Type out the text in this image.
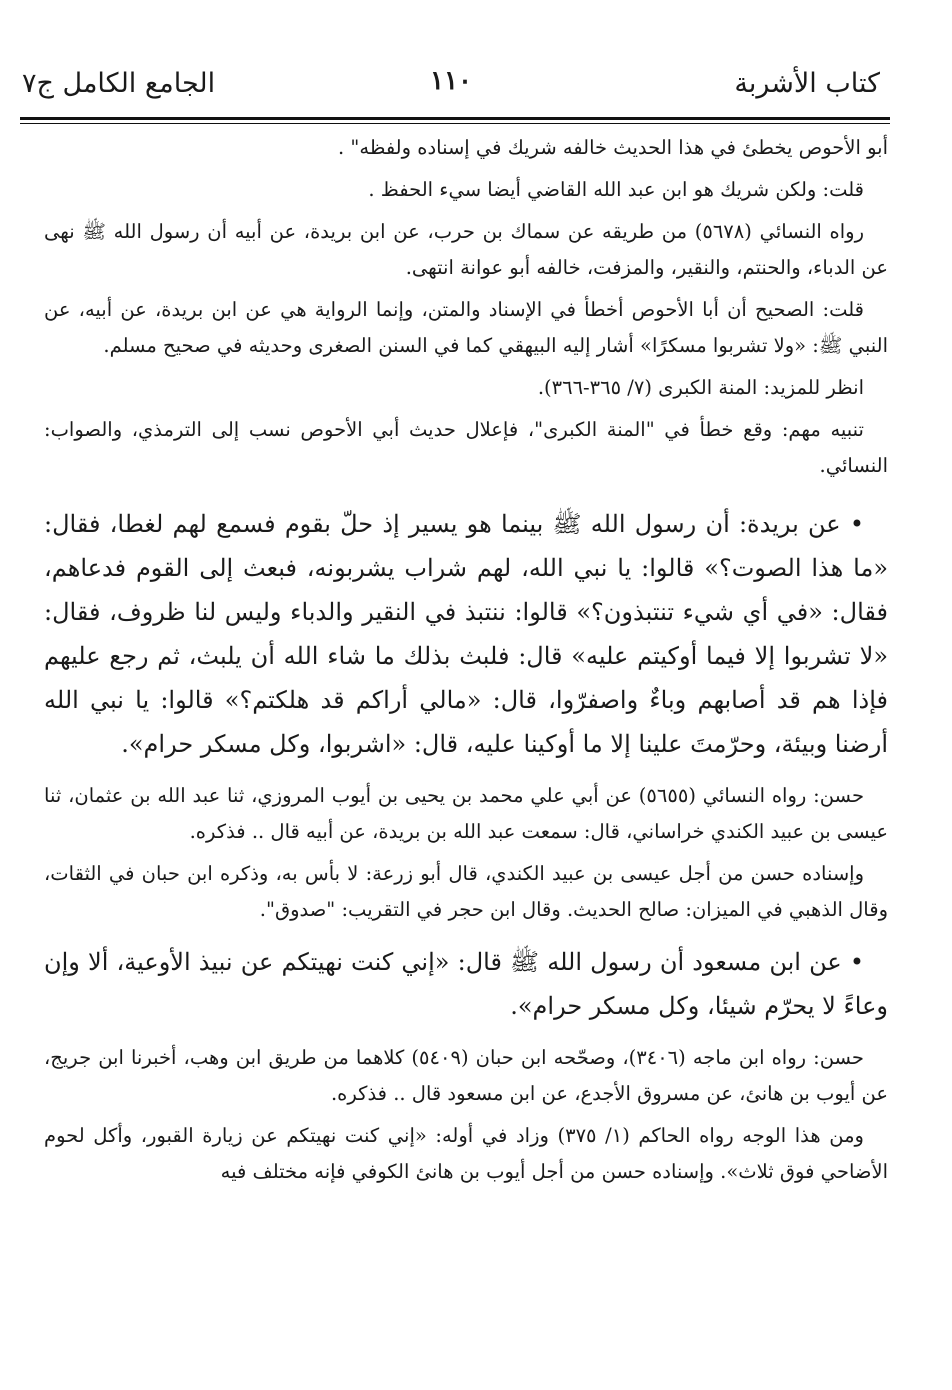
كتاب الأشربة
١١٠
الجامع الكامل ج٧

أبو الأحوص يخطئ في هذا الحديث خالفه شريك في إسناده ولفظه" .

قلت: ولكن شريك هو ابن عبد الله القاضي أيضا سيء الحفظ .

رواه النسائي (٥٦٧٨) من طريقه عن سماك بن حرب، عن ابن بريدة، عن أبيه أن رسول الله ﷺ نهى عن الدباء، والحنتم، والنقير، والمزفت، خالفه أبو عوانة انتهى.

قلت: الصحيح أن أبا الأحوص أخطأ في الإسناد والمتن، وإنما الرواية هي عن ابن بريدة، عن أبيه، عن النبي ﷺ: «ولا تشربوا مسكرًا» أشار إليه البيهقي كما في السنن الصغرى وحديثه في صحيح مسلم.

انظر للمزيد: المنة الكبرى (٧/ ٣٦٥-٣٦٦).

تنبيه مهم: وقع خطأ في "المنة الكبرى"، فإعلال حديث أبي الأحوص نسب إلى الترمذي، والصواب: النسائي.

• عن بريدة: أن رسول الله ﷺ بينما هو يسير إذ حلّ بقوم فسمع لهم لغطا، فقال: «ما هذا الصوت؟» قالوا: يا نبي الله، لهم شراب يشربونه، فبعث إلى القوم فدعاهم، فقال: «في أي شيء تنتبذون؟» قالوا: ننتبذ في النقير والدباء وليس لنا ظروف، فقال: «لا تشربوا إلا فيما أوكيتم عليه» قال: فلبث بذلك ما شاء الله أن يلبث، ثم رجع عليهم فإذا هم قد أصابهم وباءٌ واصفرّوا، قال: «مالي أراكم قد هلكتم؟» قالوا: يا نبي الله أرضنا وبيئة، وحرّمتَ علينا إلا ما أوكينا عليه، قال: «اشربوا، وكل مسكر حرام».

حسن: رواه النسائي (٥٦٥٥) عن أبي علي محمد بن يحيى بن أيوب المروزي، ثنا عبد الله بن عثمان، ثنا عيسى بن عبيد الكندي خراساني، قال: سمعت عبد الله بن بريدة، عن أبيه قال .. فذكره.

وإسناده حسن من أجل عيسى بن عبيد الكندي، قال أبو زرعة: لا بأس به، وذكره ابن حبان في الثقات، وقال الذهبي في الميزان: صالح الحديث. وقال ابن حجر في التقريب: "صدوق".

• عن ابن مسعود أن رسول الله ﷺ قال: «إني كنت نهيتكم عن نبيذ الأوعية، ألا وإن وعاءً لا يحرّم شيئا، وكل مسكر حرام».

حسن: رواه ابن ماجه (٣٤٠٦)، وصحّحه ابن حبان (٥٤٠٩) كلاهما من طريق ابن وهب، أخبرنا ابن جريج، عن أيوب بن هانئ، عن مسروق الأجدع، عن ابن مسعود قال .. فذكره.

ومن هذا الوجه رواه الحاكم (١/ ٣٧٥) وزاد في أوله: «إني كنت نهيتكم عن زيارة القبور، وأكل لحوم الأضاحي فوق ثلاث». وإسناده حسن من أجل أيوب بن هانئ الكوفي فإنه مختلف فيه
